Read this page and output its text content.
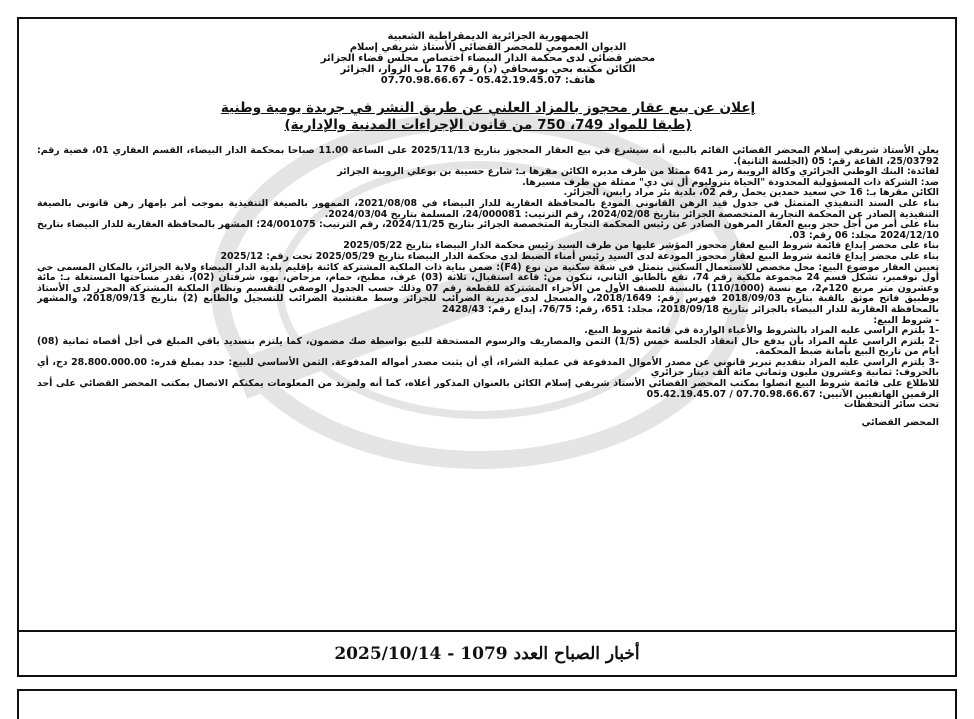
الجمهورية الجزائرية الديمقراطية الشعبية
الديوان العمومي للمحضر القضائي الأستاذ شريفي إسلام
محضر قضائي لدى محكمة الدار البيضاء اختصاص مجلس قضاء الجزائر
الكائن مكتبه بحي بوسحاقي (د) رقم 176 باب الزوار، الجزائر
هاتف: 05.42.19.45.07 - 07.70.98.66.67
إعلان عن بيع عقار محجوز بالمزاد العلني عن طريق النشر في جريدة يومية وطنية
(طبقا للمواد 749، 750 من قانون الإجراءات المدنية والإدارية)

يعلن الأستاذ شريفي إسلام المحضر القضائي القائم بالبيع، أنه سيشرع في بيع العقار المحجوز بتاريخ 2025/11/13 على الساعة 11.00 صباحا بمحكمة الدار البيضاء، القسم العقاري 01، قضية رقم: 25/03792، القاعة رقم: 05 (الجلسة الثانية).

لفائدة: البنك الوطني الجزائري وكالة الرويبة رمز 641 ممثلا من طرف مديره الكائن مقرها بـ: شارع حسيبة بن بوعلي الرويبة الجزائر

ضد: الشركة ذات المسؤولية المحدودة "الحياة بتروليوم أل تي دي" ممثلة من طرف مسيرها.

الكائن مقرها بـ: 16 حي سعيد حمدين يحمل رقم 02، بلدية بئر مراد رايس، الجزائر.

بناء على السند التنفيذي المتمثل في جدول قيد الرهن القانوني المودع بالمحافظة العقارية للدار البيضاء في 2021/08/08، الممهور بالصيغة التنفيذية بموجب أمر بإمهار رهن قانوني بالصيغة التنفيذية الصادر عن المحكمة التجارية المتخصصة الجزائر بتاريخ 2024/02/08، رقم الترتيب: 24/000081، المسلمة بتاريخ 2024/03/04.

بناء على أمر من أجل حجز وبيع العقار المرهون الصادر عن رئيس المحكمة التجارية المتخصصة الجزائر بتاريخ 2024/11/25، رقم الترتيب: 24/001075؛ المشهر بالمحافظة العقارية للدار البيضاء بتاريخ 2024/12/10 مجلد: 06 رقم: 03.

بناء على محضر إيداع قائمة شروط البيع لعقار محجوز المؤشر عليها من طرف السيد رئيس محكمة الدار البيضاء بتاريخ 2025/05/22

بناء على محضر إيداع قائمة شروط البيع لعقار محجوز المودعة لدى السيد رئيس أمناء الضبط لدى محكمة الدار البيضاء بتاريخ 2025/05/29 تحت رقم: 2025/12

تعيين العقار موضوع البيع: محل مخصص للاستعمال السكني يتمثل في شقة سكنية من نوع (F4): ضمن بناية ذات الملكية المشتركة كائنة بإقليم بلدية الدار البيضاء ولاية الجزائر، بالمكان المسمى حي أول نوفمبر، تشكل قسم 24 مجموعة ملكية رقم 74، تقع بالطابق الثاني، تتكون من: قاعة استقبال، ثلاثة (03) غرف، مطبخ، حمام، مرحاض، بهو، شرفتان (02)، تقدر مساحتها المستغلة بـ: مائة وعشرون متر مربع 120م2، مع نسبة (110/1000) بالنسبة للصنف الأول من الأجزاء المشتركة للقطعة رقم 07 وذلك حسب الجدول الوصفي للتقسيم ونظام الملكية المشتركة المحرر لدى الأستاذ بوطبيق فاتح موثق بالقبة بتاريخ 2018/09/03 فهرس رقم: 2018/1649، والمسجل لدى مديرية الضرائب للجزائر وسط مفتشية الضرائب للتسجيل والطابع (2) بتاريخ 2018/09/13، والمشهر بالمحافظة العقارية للدار البيضاء بالجزائر بتاريخ 2018/09/18، مجلد: 651، رقم: 76/75، إيداع رقم: 2428/43

- شروط البيع:

-1 يلتزم الراسي عليه المزاد بالشروط والأعباء الواردة في قائمة شروط البيع.

-2 يلتزم الراسي عليه المزاد بأن يدفع حال انعقاد الجلسة خمس (1/5) الثمن والمصاريف والرسوم المستحقة للبيع بواسطة صك مضمون، كما يلتزم بتسديد باقي المبلغ في أجل أقصاه ثمانية (08) أيام من تاريخ البيع بأمانة ضبط المحكمة.

-3 يلتزم الراسي عليه المزاد بتقديم تبرير قانوني عن مصدر الأموال المدفوعة في عملية الشراء، أي أن يثبت مصدر أمواله المدفوعة. الثمن الأساسي للبيع: حدد بمبلغ قدره: 28.800.000.00 دج، أي بالحروف: ثمانية وعشرون مليون وثماني مائة ألف دينار جزائري

للاطلاع على قائمة شروط البيع اتصلوا بمكتب المحضر القضائي الأستاذ شريفي إسلام الكائن بالعنوان المذكور أعلاه، كما أنه ولمزيد من المعلومات يمكنكم الاتصال بمكتب المحضر القضائي على أحد الرقمين الهاتفيين الآتيين: 07.70.98.66.67 / 05.42.19.45.07

تحت سائر التحفظات

المحضر القضائي
أخبار الصباح العدد 1079 - 2025/10/14
